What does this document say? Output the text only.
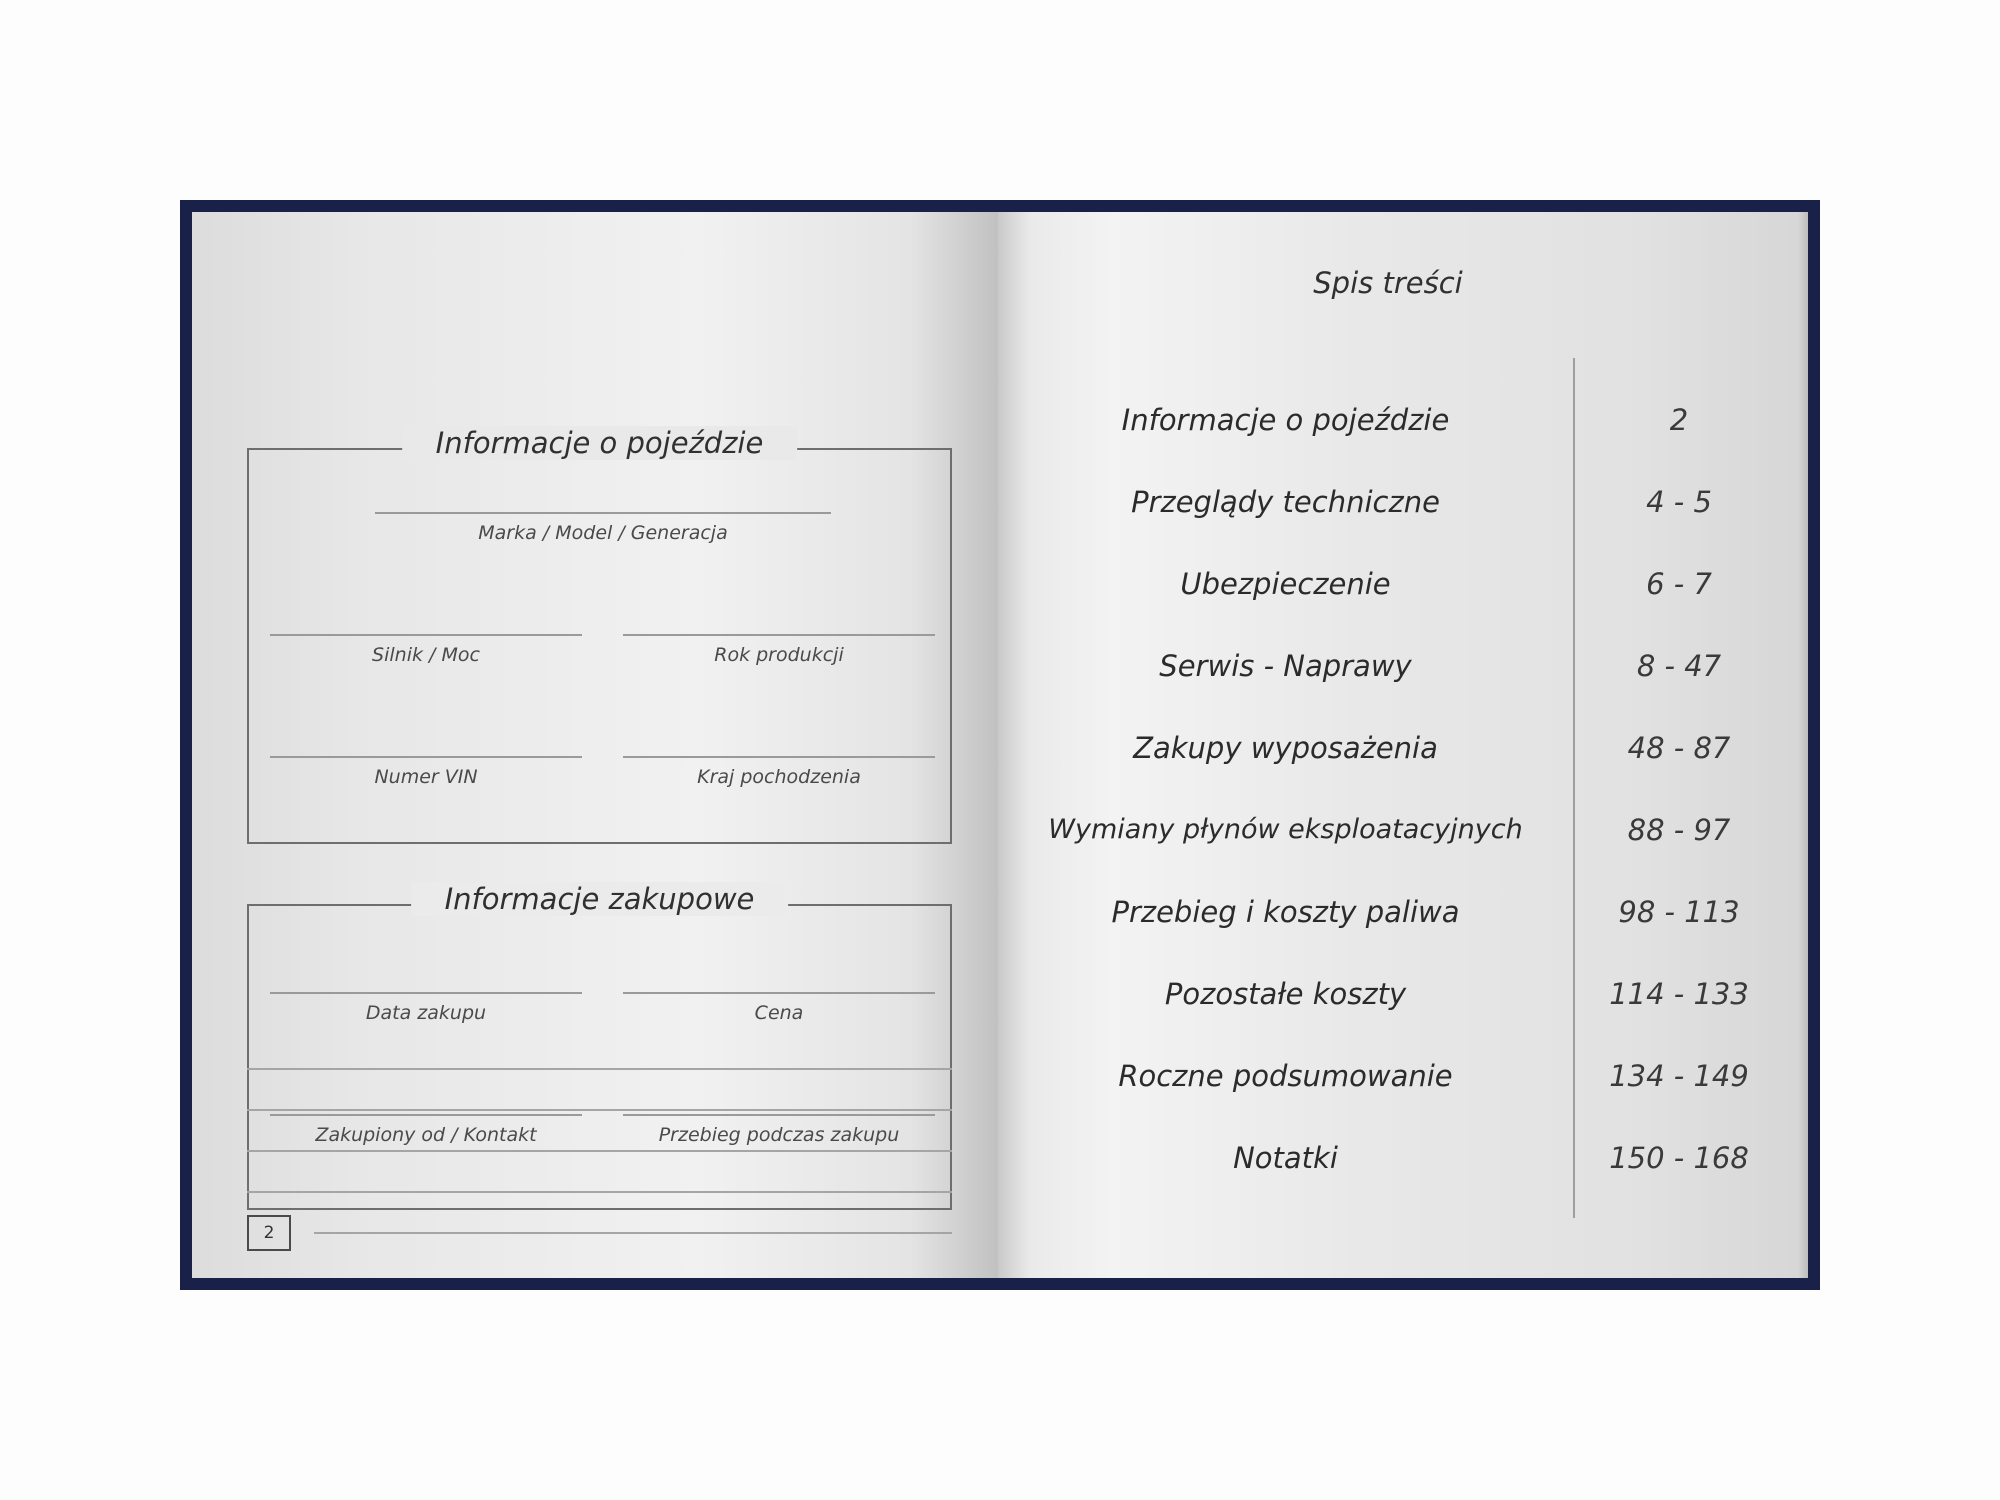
Informacje o pojeździe
Marka / Model / Generacja
Silnik / Moc	Rok produkcji
Numer VIN	Kraj pochodzenia
Informacje zakupowe
Data zakupu	Cena
Zakupiony od / Kontakt	Przebieg podczas zakupu
2
Spis treści
Informacje o pojeździe	2
Przeglądy techniczne	4 - 5
Ubezpieczenie	6 - 7
Serwis - Naprawy	8 - 47
Zakupy wyposażenia	48 - 87
Wymiany płynów eksploatacyjnych	88 - 97
Przebieg i koszty paliwa	98 - 113
Pozostałe koszty	114 - 133
Roczne podsumowanie	134 - 149
Notatki	150 - 168
